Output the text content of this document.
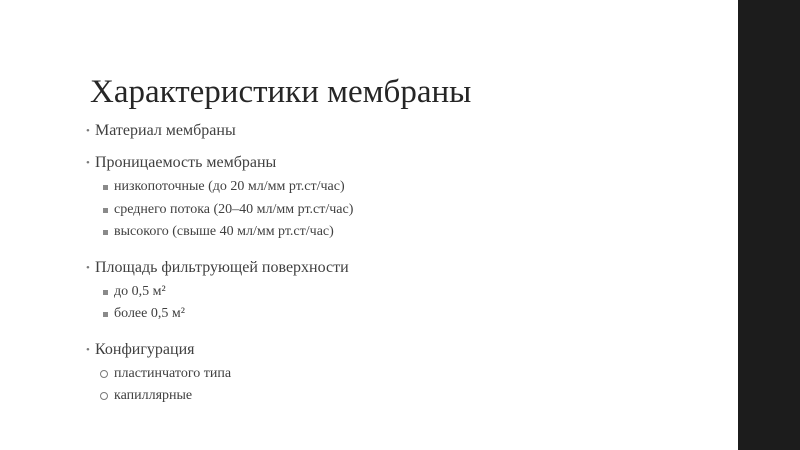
Характеристики мембраны
• Материал мембраны
• Проницаемость мембраны
низкопоточные (до 20 мл/мм рт.ст/час)
среднего потока (20–40 мл/мм рт.ст/час)
высокого (свыше 40 мл/мм рт.ст/час)
• Площадь фильтрующей поверхности
до 0,5 м²
более 0,5 м²
• Конфигурация
пластинчатого типа
капиллярные
